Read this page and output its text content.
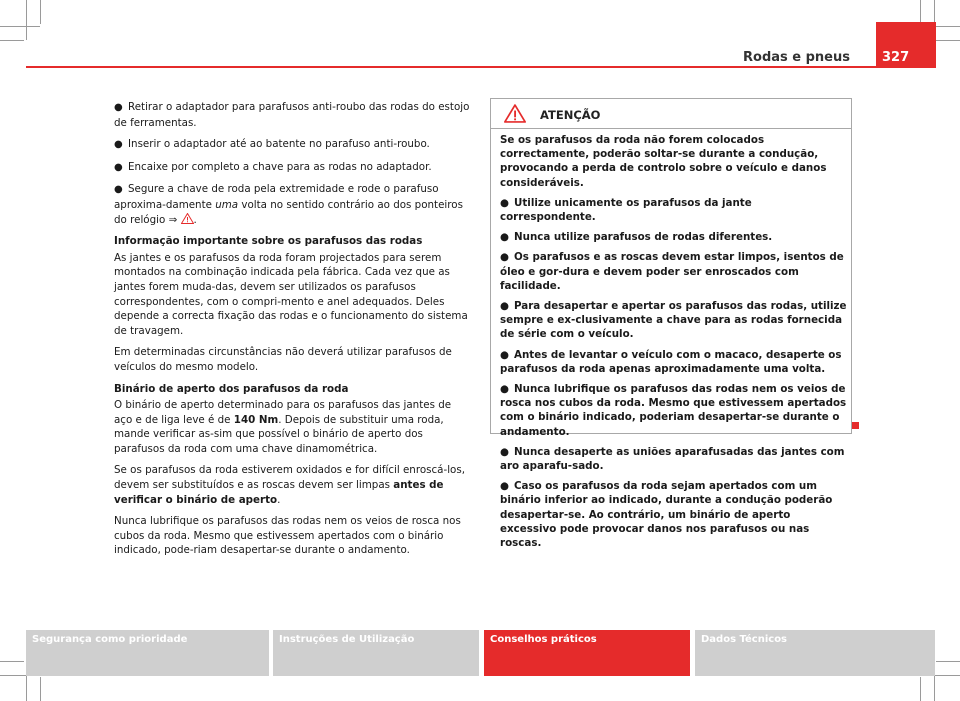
Rodas e pneus 327

● Retirar o adaptador para parafusos anti-roubo das rodas do estojo de ferramentas.

● Inserir o adaptador até ao batente no parafuso anti-roubo.

● Encaixe por completo a chave para as rodas no adaptador.

● Segure a chave de roda pela extremidade e rode o parafuso aproxima-damente uma volta no sentido contrário ao dos ponteiros do relógio ⇒ .

Informação importante sobre os parafusos das rodas

As jantes e os parafusos da roda foram projectados para serem montados na combinação indicada pela fábrica. Cada vez que as jantes forem muda-das, devem ser utilizados os parafusos correspondentes, com o compri-mento e anel adequados. Deles depende a correcta fixação das rodas e o funcionamento do sistema de travagem.

Em determinadas circunstâncias não deverá utilizar parafusos de veículos do mesmo modelo.

Binário de aperto dos parafusos da roda

O binário de aperto determinado para os parafusos das jantes de aço e de liga leve é de 140 Nm. Depois de substituir uma roda, mande verificar as-sim que possível o binário de aperto dos parafusos da roda com uma chave dinamométrica.

Se os parafusos da roda estiverem oxidados e for difícil enroscá-los, devem ser substituídos e as roscas devem ser limpas antes de verificar o binário de aperto.

Nunca lubrifique os parafusos das rodas nem os veios de rosca nos cubos da roda. Mesmo que estivessem apertados com o binário indicado, pode-riam desapertar-se durante o andamento.

ATENÇÃO

Se os parafusos da roda não forem colocados correctamente, poderão soltar-se durante a condução, provocando a perda de controlo sobre o veículo e danos consideráveis.

● Utilize unicamente os parafusos da jante correspondente.

● Nunca utilize parafusos de rodas diferentes.

● Os parafusos e as roscas devem estar limpos, isentos de óleo e gor-dura e devem poder ser enroscados com facilidade.

● Para desapertar e apertar os parafusos das rodas, utilize sempre e ex-clusivamente a chave para as rodas fornecida de série com o veículo.

● Antes de levantar o veículo com o macaco, desaperte os parafusos da roda apenas aproximadamente uma volta.

● Nunca lubrifique os parafusos das rodas nem os veios de rosca nos cubos da roda. Mesmo que estivessem apertados com o binário indicado, poderiam desapertar-se durante o andamento.

● Nunca desaperte as uniões aparafusadas das jantes com aro aparafu-sado.

● Caso os parafusos da roda sejam apertados com um binário inferior ao indicado, durante a condução poderão desapertar-se. Ao contrário, um binário de aperto excessivo pode provocar danos nos parafusos ou nas roscas.

Segurança como prioridade	Instruções de Utilização	Conselhos práticos	Dados Técnicos
